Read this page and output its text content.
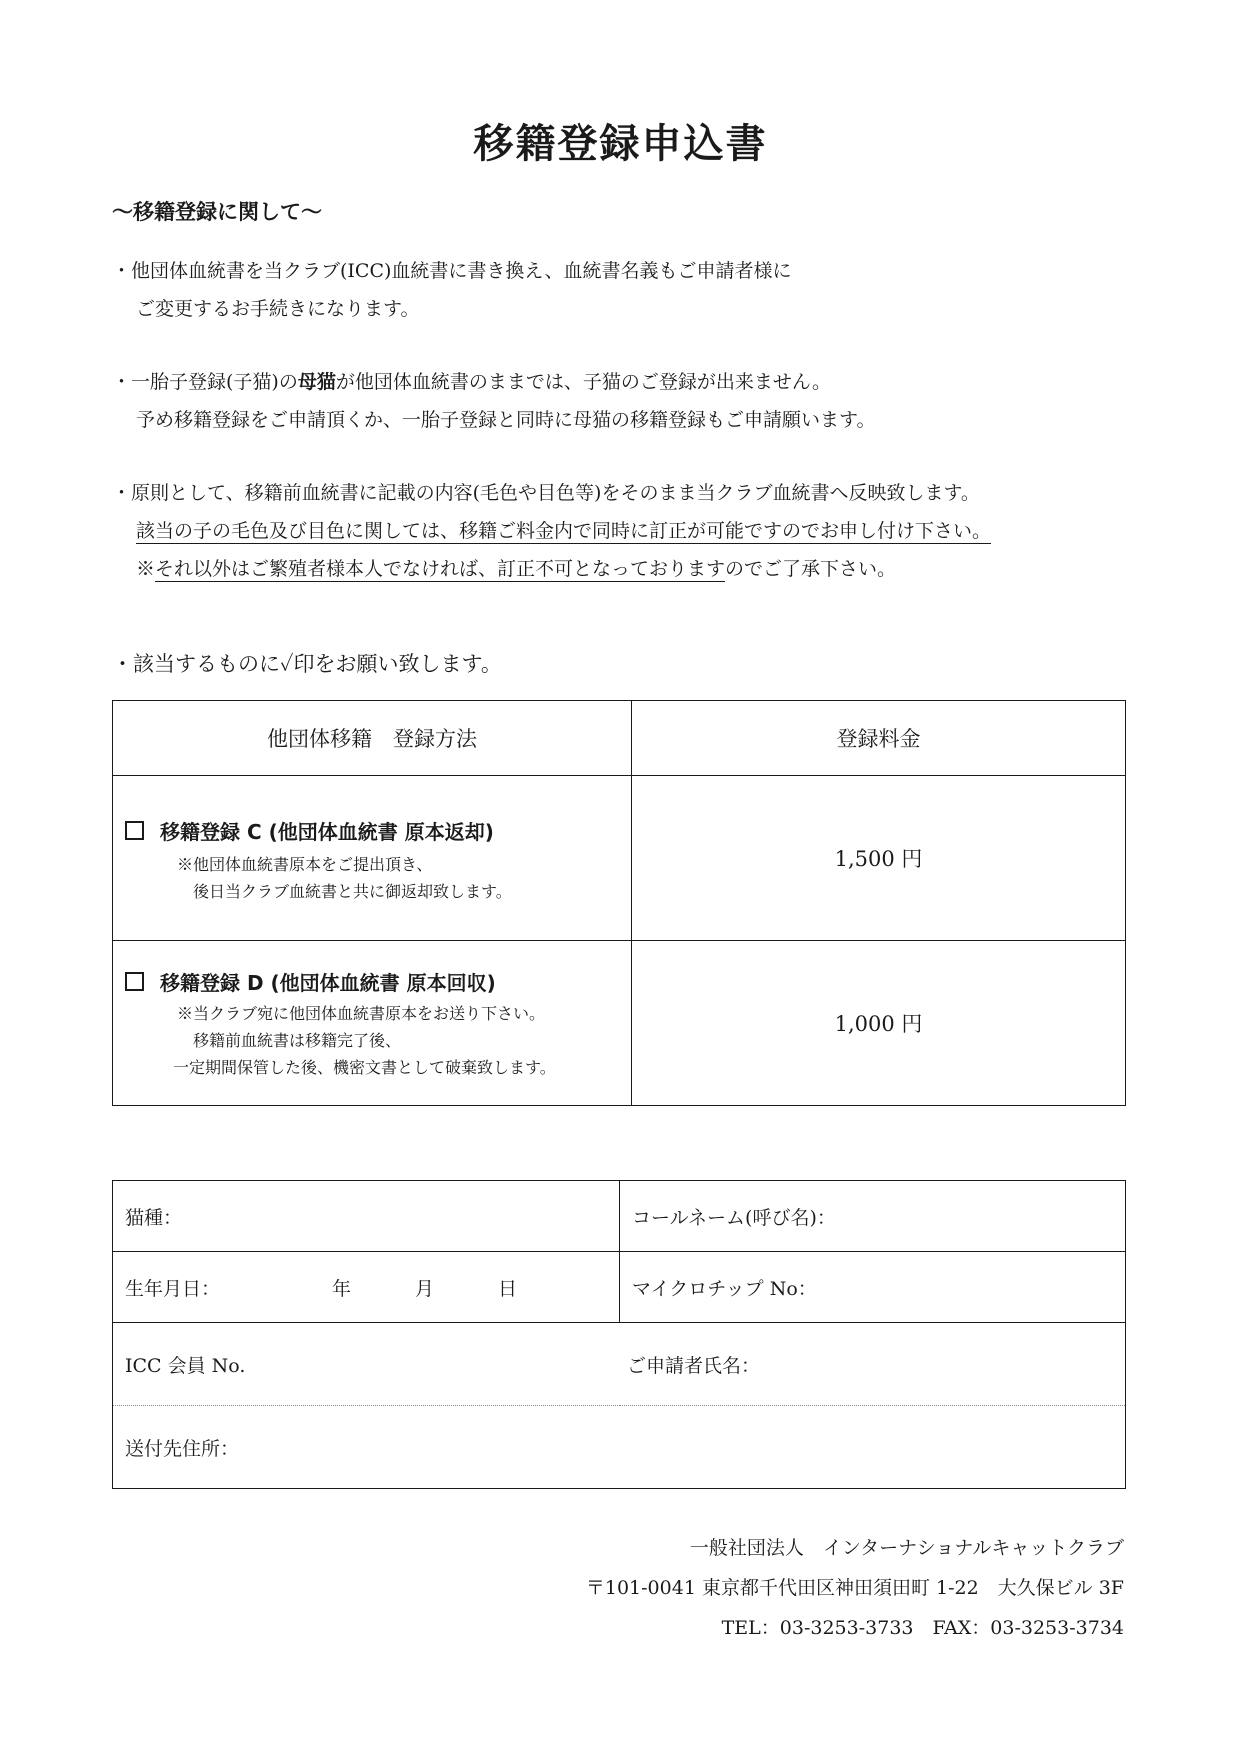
移籍登録申込書
〜移籍登録に関して〜
・他団体血統書を当クラブ(ICC)血統書に書き換え、血統書名義もご申請者様に
ご変更するお手続きになります。
・一胎子登録(子猫)の母猫が他団体血統書のままでは、子猫のご登録が出来ません。
予め移籍登録をご申請頂くか、一胎子登録と同時に母猫の移籍登録もご申請願います。
・原則として、移籍前血統書に記載の内容(毛色や目色等)をそのまま当クラブ血統書へ反映致します。
該当の子の毛色及び目色に関しては、移籍ご料金内で同時に訂正が可能ですのでお申し付け下さい。
※それ以外はご繁殖者様本人でなければ、訂正不可となっておりますのでご了承下さい。
・該当するものに✓印をお願い致します。
他団体移籍　登録方法	登録料金

移籍登録 C (他団体血統書 原本返却)
※他団体血統書原本をご提出頂き、
後日当クラブ血統書と共に御返却致します。	1,500 円

移籍登録 D (他団体血統書 原本回収)
※当クラブ宛に他団体血統書原本をお送り下さい。
移籍前血統書は移籍完了後、
一定期間保管した後、機密文書として破棄致します。	1,000 円
猫種：	コールネーム(呼び名)：
生年月日： 年 月 日	マイクロチップ No：
ICC 会員 No. ご申請者氏名：	
送付先住所：	
一般社団法人　インターナショナルキャットクラブ
〒101-0041 東京都千代田区神田須田町 1-22　大久保ビル 3F
TEL：03-3253-3733　FAX：03-3253-3734
